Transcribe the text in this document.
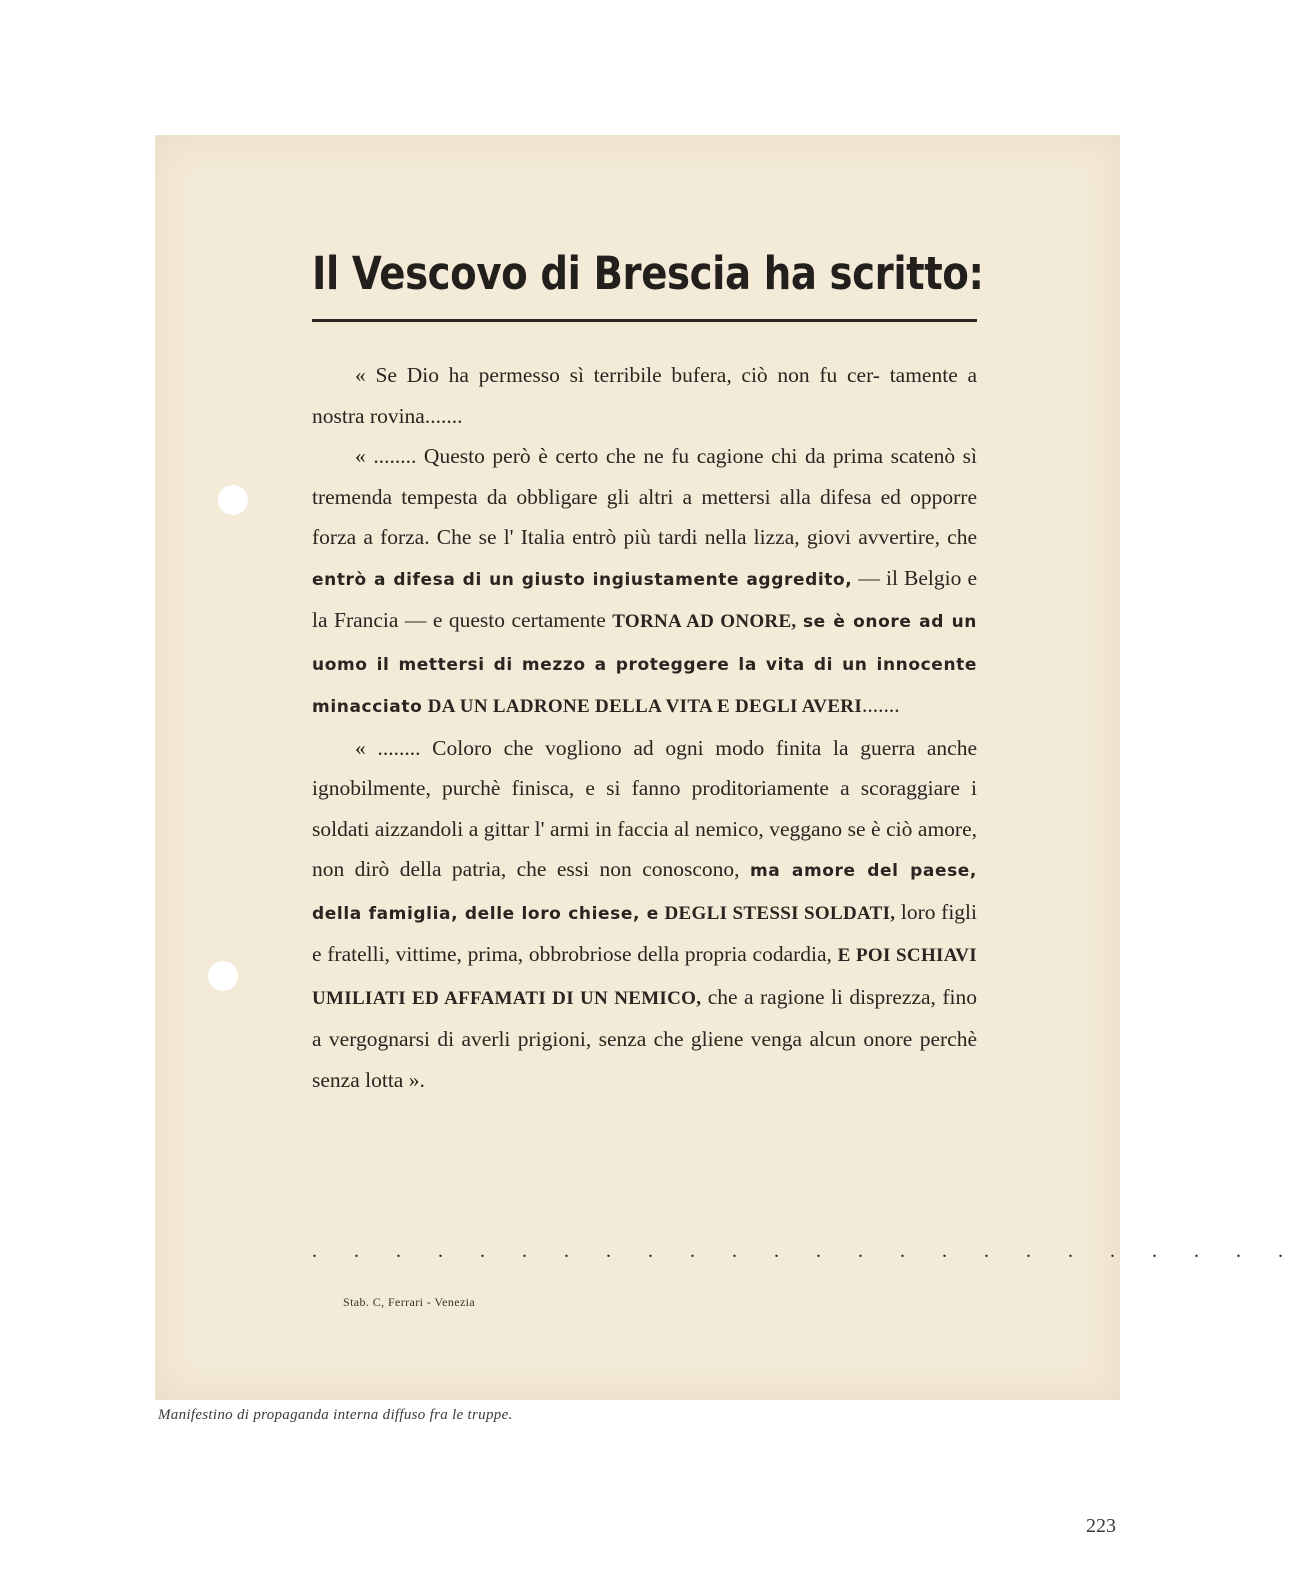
Il Vescovo di Brescia ha scritto:

« Se Dio ha permesso sì terribile bufera, ciò non fu cer- tamente a nostra rovina.......

« ........ Questo però è certo che ne fu cagione chi da prima scatenò sì tremenda tempesta da obbligare gli altri a mettersi alla difesa ed opporre forza a forza. Che se l' Italia entrò più tardi nella lizza, giovi avvertire, che entrò a difesa di un giusto ingiustamente aggredito, — il Belgio e la Francia — e questo certamente TORNA AD ONORE, se è onore ad un uomo il mettersi di mezzo a proteggere la vita di un innocente minacciato DA UN LADRONE DELLA VITA E DEGLI AVERI.......

« ........ Coloro che vogliono ad ogni modo finita la guerra anche ignobilmente, purchè finisca, e si fanno proditoriamente a scoraggiare i soldati aizzandoli a gittar l' armi in faccia al nemico, veggano se è ciò amore, non dirò della patria, che essi non conoscono, ma amore del paese, della famiglia, delle loro chiese, e DEGLI STESSI SOLDATI, loro figli e fratelli, vittime, prima, obbrobriose della propria codardia, E POI SCHIAVI UMILIATI ED AFFAMATI DI UN NEMICO, che a ragione li disprezza, fino a vergognarsi di averli prigioni, senza che gliene venga alcun onore perchè senza lotta ».

. . . . . . . . . . . . . . . . . . . . . . . .
Stab. C, Ferrari - Venezia
Manifestino di propaganda interna diffuso fra le truppe.
223
